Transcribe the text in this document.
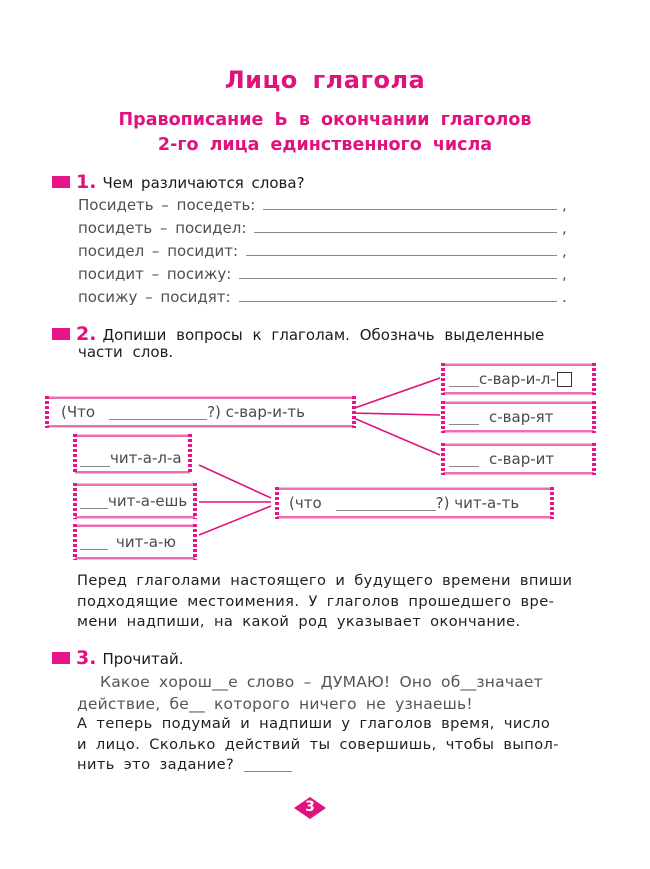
Лицо глагола
Правописание Ь в окончании глаголов
2-го лица единственного числа
1. Чем различаются слова?
Посидеть – поседеть:	,
посидеть – посидел:	,
посидел – посидит:	,
посидит – посижу:	,
посижу – посидят:	.
2. Допиши вопросы к глаголам. Обозначь выделенные
части слов.
(Что	?) с-вар-и-ть
с-вар-и-л-
с-вар-ят
с-вар-ит
чит-а-л-а
чит-а-ешь
чит-а-ю
(что	?) чит-а-ть
Перед глаголами настоящего и будущего времени впиши
подходящие местоимения. У глаголов прошедшего вре-
мени надпиши, на какой род указывает окончание.
3. Прочитай.
Какое хорош__е слово – ДУМАЮ! Оно об__значает
действие, бе__ которого ничего не узнаешь!
А теперь подумай и надпиши у глаголов время, число
и лицо. Сколько действий ты совершишь, чтобы выпол-
нить это задание?
3
